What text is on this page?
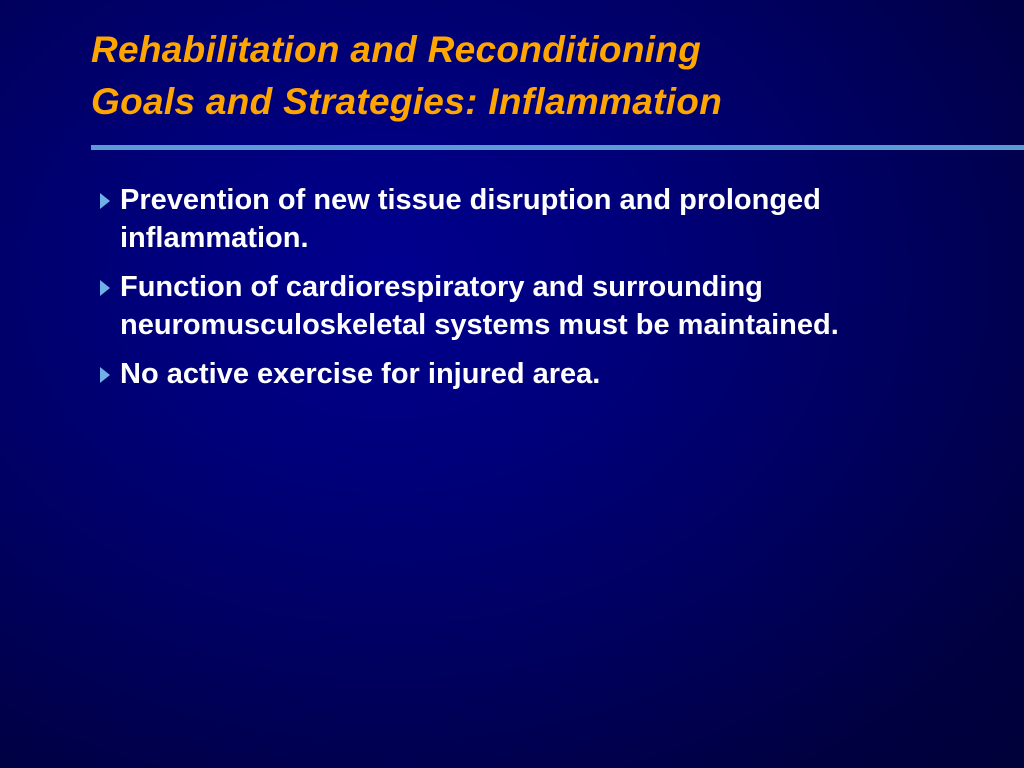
Rehabilitation and Reconditioning
Goals and Strategies: Inflammation
Prevention of new tissue disruption and prolonged inflammation.
Function of cardiorespiratory and surrounding neuromusculoskeletal systems must be maintained.
No active exercise for injured area.
